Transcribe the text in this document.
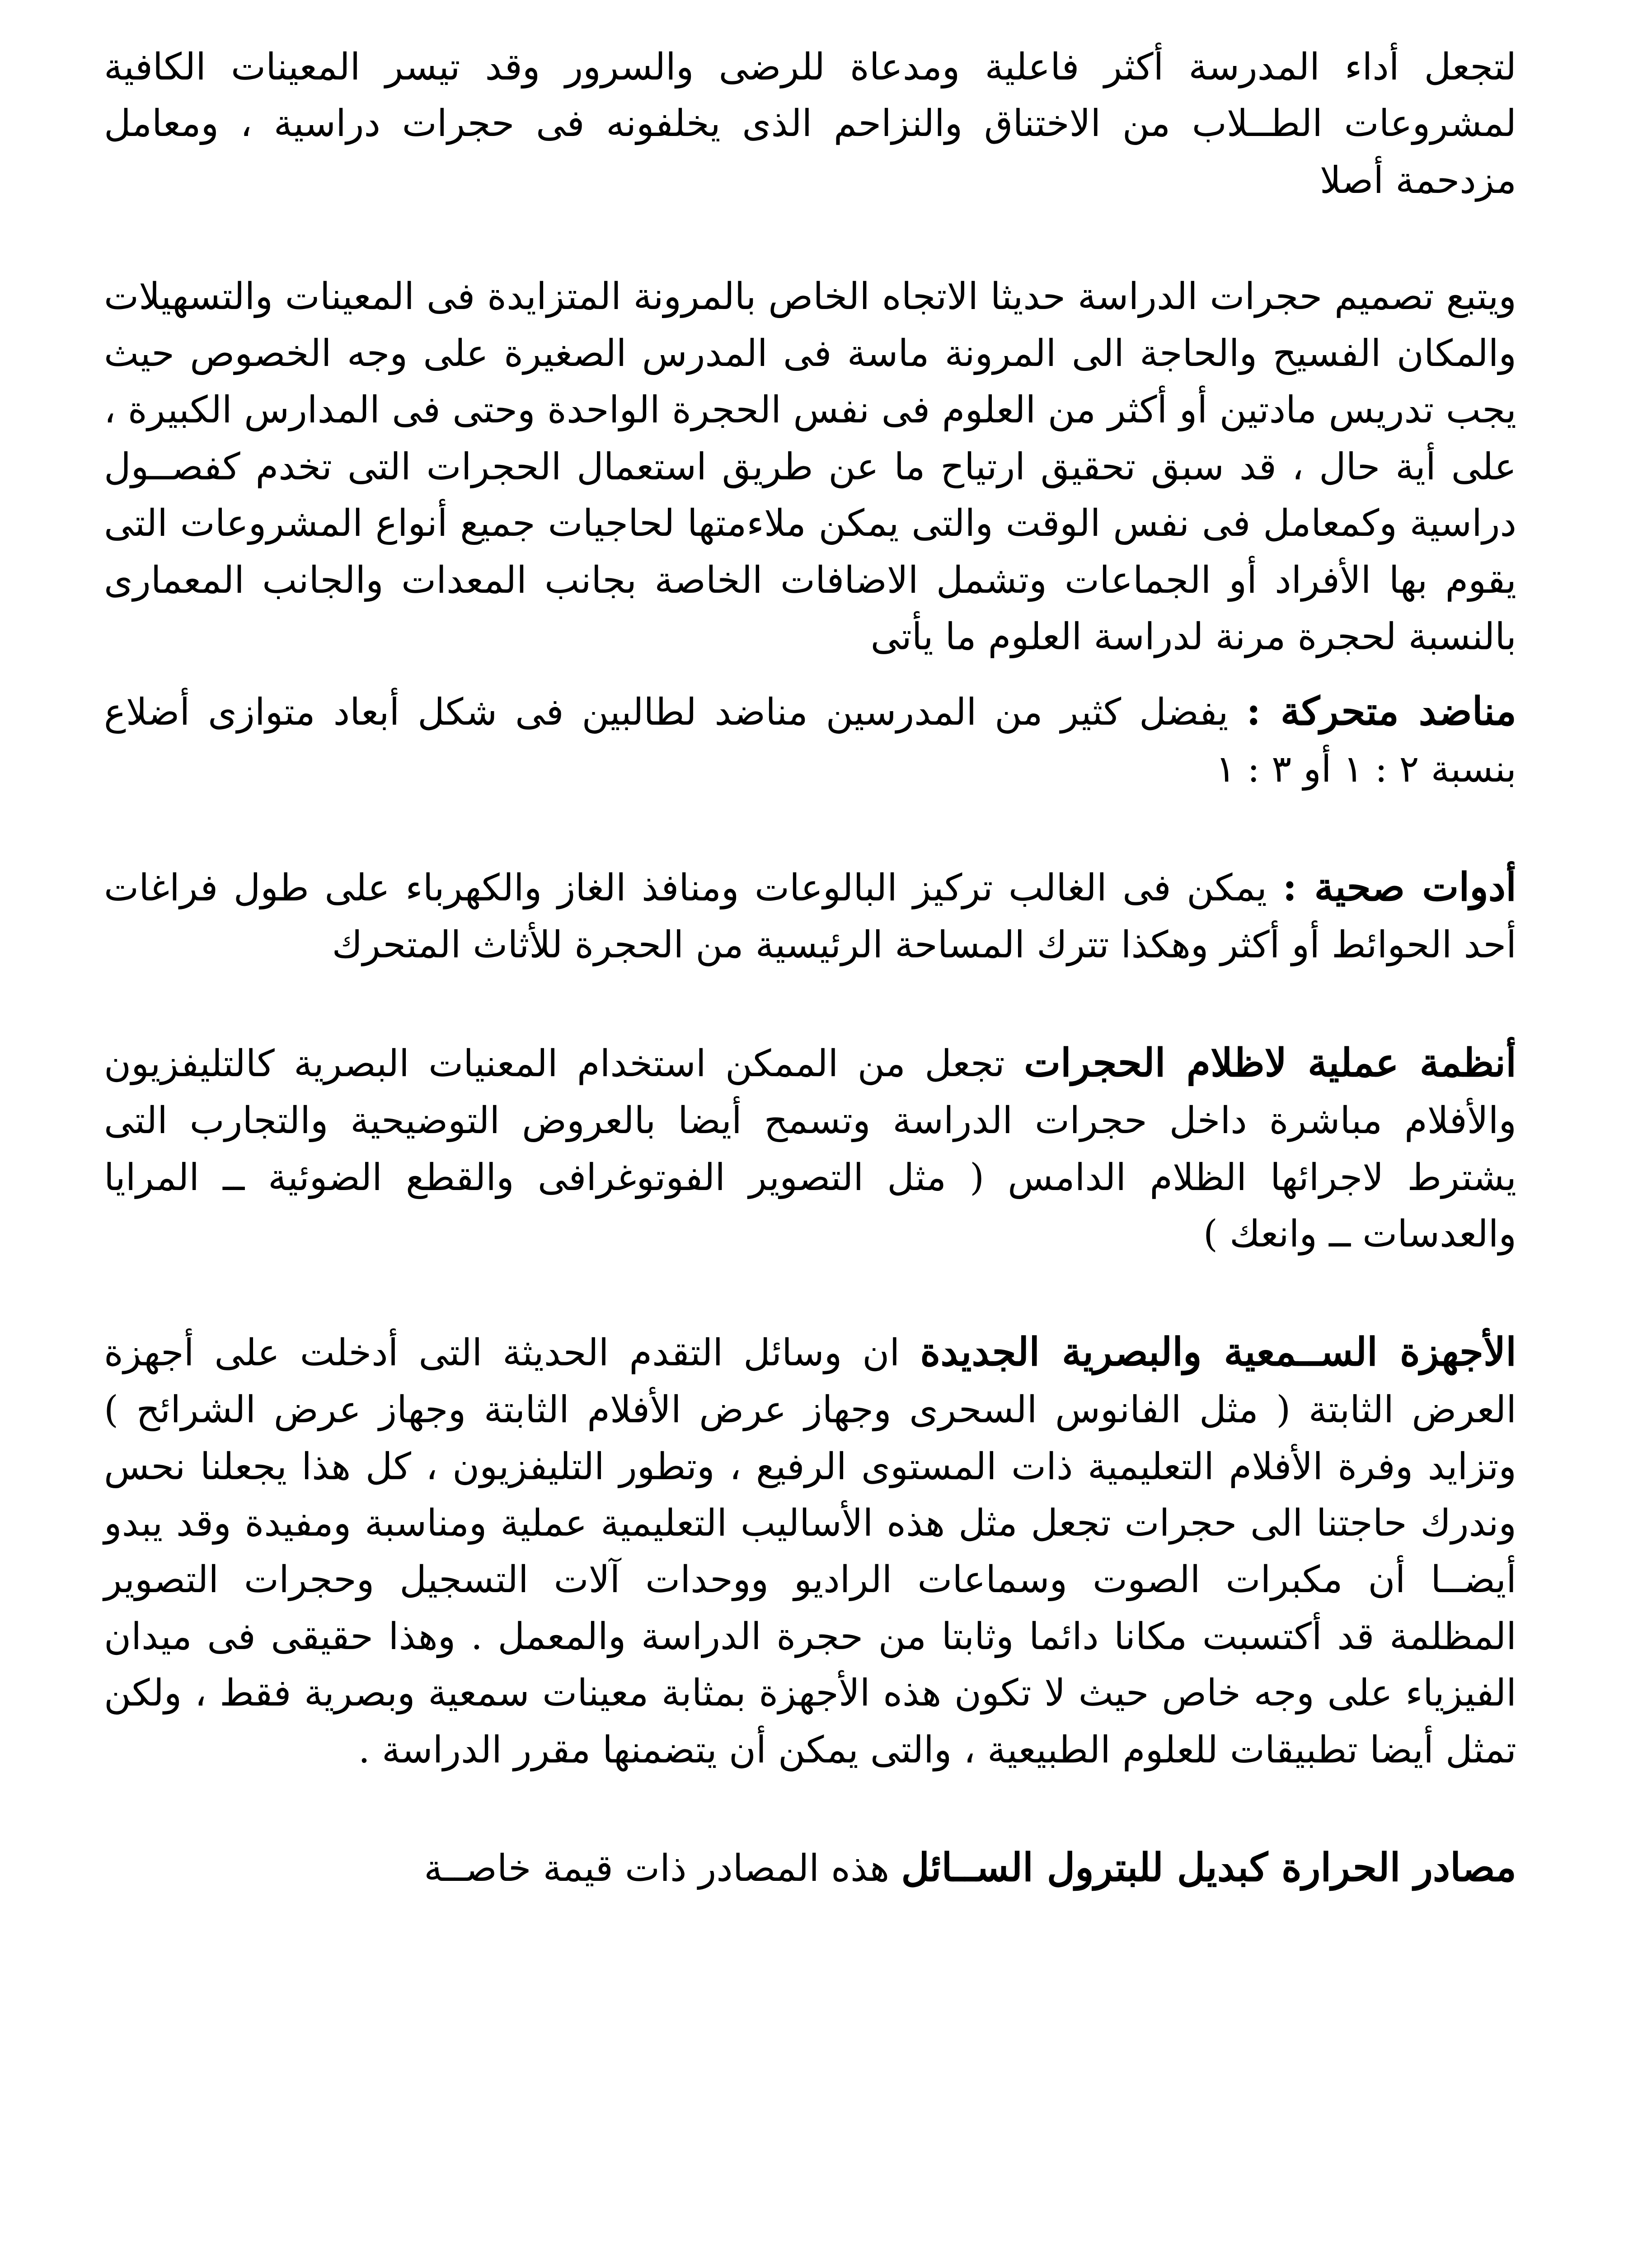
لتجعل أداء المدرسة أكثر فاعلية ومدعاة للرضى والسرور وقد تيسر المعينات الكافية لمشروعات الطــلاب من الاختناق والنزاحم الذى يخلفونه فى حجرات دراسية ، ومعامل مزدحمة أصلا

ويتبع تصميم حجرات الدراسة حديثا الاتجاه الخاص بالمرونة المتزايدة فى المعينات والتسهيلات والمكان الفسيح والحاجة الى المرونة ماسة فى المدرس الصغيرة على وجه الخصوص حيث يجب تدريس مادتين أو أكثر من العلوم فى نفس الحجرة الواحدة وحتى فى المدارس الكبيرة ، على أية حال ، قد سبق تحقيق ارتياح ما عن طريق استعمال الحجرات التى تخدم كفصــول دراسية وكمعامل فى نفس الوقت والتى يمكن ملاءمتها لحاجيات جميع أنواع المشروعات التى يقوم بها الأفراد أو الجماعات وتشمل الاضافات الخاصة بجانب المعدات والجانب المعمارى بالنسبة لحجرة مرنة لدراسة العلوم ما يأتى

مناضد متحركة : يفضل كثير من المدرسين مناضد لطالبين فى شكل أبعاد متوازى أضلاع بنسبة ٢ : ١ أو ٣ : ١

أدوات صحية : يمكن فى الغالب تركيز البالوعات ومنافذ الغاز والكهرباء على طول فراغات أحد الحوائط أو أكثر وهكذا تترك المساحة الرئيسية من الحجرة للأثاث المتحرك

أنظمة عملية لاظلام الحجرات تجعل من الممكن استخدام المعنيات البصرية كالتليفزيون والأفلام مباشرة داخل حجرات الدراسة وتسمح أيضا بالعروض التوضيحية والتجارب التى يشترط لاجرائها الظلام الدامس ( مثل التصوير الفوتوغرافى والقطع الضوئية ــ المرايا والعدسات ــ وانعك )

الأجهزة الســمعية والبصرية الجديدة ان وسائل التقدم الحديثة التى أدخلت على أجهزة العرض الثابتة ( مثل الفانوس السحرى وجهاز عرض الأفلام الثابتة وجهاز عرض الشرائح ) وتزايد وفرة الأفلام التعليمية ذات المستوى الرفيع ، وتطور التليفزيون ، كل هذا يجعلنا نحس وندرك حاجتنا الى حجرات تجعل مثل هذه الأساليب التعليمية عملية ومناسبة ومفيدة وقد يبدو أيضــا أن مكبرات الصوت وسماعات الراديو ووحدات آلات التسجيل وحجرات التصوير المظلمة قد أكتسبت مكانا دائما وثابتا من حجرة الدراسة والمعمل . وهذا حقيقى فى ميدان الفيزياء على وجه خاص حيث لا تكون هذه الأجهزة بمثابة معينات سمعية وبصرية فقط ، ولكن تمثل أيضا تطبيقات للعلوم الطبيعية ، والتى يمكن أن يتضمنها مقرر الدراسة .

مصادر الحرارة كبديل للبترول الســائل هذه المصادر ذات قيمة خاصــة
